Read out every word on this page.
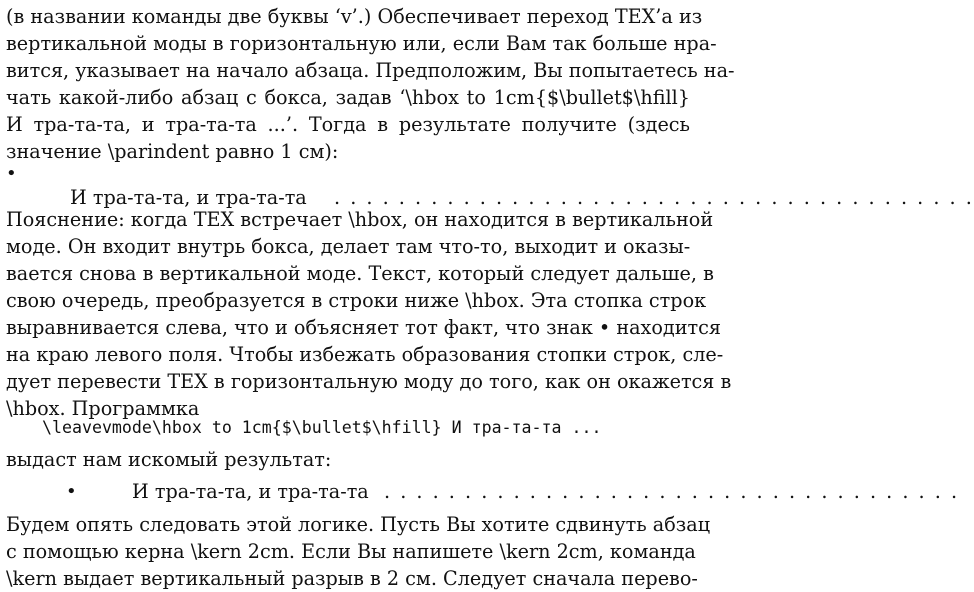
(в названии команды две буквы ‘v’.) Обеспечивает переход TEX’а из
вертикальной моды в горизонтальную или, если Вам так больше нра-
вится, указывает на начало абзаца. Предположим, Вы попытаетесь на-
чать какой-либо абзац с бокса, задав ‘\hbox to 1cm{$\bullet$\hfill}
И тра-та-та, и тра-та-та ...’. Тогда в результате получите (здесь
значение \parindent равно 1 см):
•
И тра-та-та, и тра-та-та	. . . . . . . . . . . . . . . . . . . . . . . . . . . . . . . . . . . . . . . .
Пояснение: когда TEX встречает \hbox, он находится в вертикальной
моде. Он входит внутрь бокса, делает там что-то, выходит и оказы-
вается снова в вертикальной моде. Текст, который следует дальше, в
свою очередь, преобразуется в строки ниже \hbox. Эта стопка строк
выравнивается слева, что и объясняет тот факт, что знак • находится
на краю левого поля. Чтобы избежать образования стопки строк, сле-
дует перевести TEX в горизонтальную моду до того, как он окажется в
\hbox. Программка
\leavevmode\hbox to 1cm{$\bullet$\hfill} И тра-та-та ...
выдаст нам искомый результат:
•	И тра-та-та, и тра-та-та . . . . . . . . . . . . . . . . . . . . . . . . . . . . . . . . . . . .
Будем опять следовать этой логике. Пусть Вы хотите сдвинуть абзац
с помощью керна \kern 2cm. Если Вы напишете \kern 2cm, команда
\kern выдает вертикальный разрыв в 2 см. Следует сначала перево-
